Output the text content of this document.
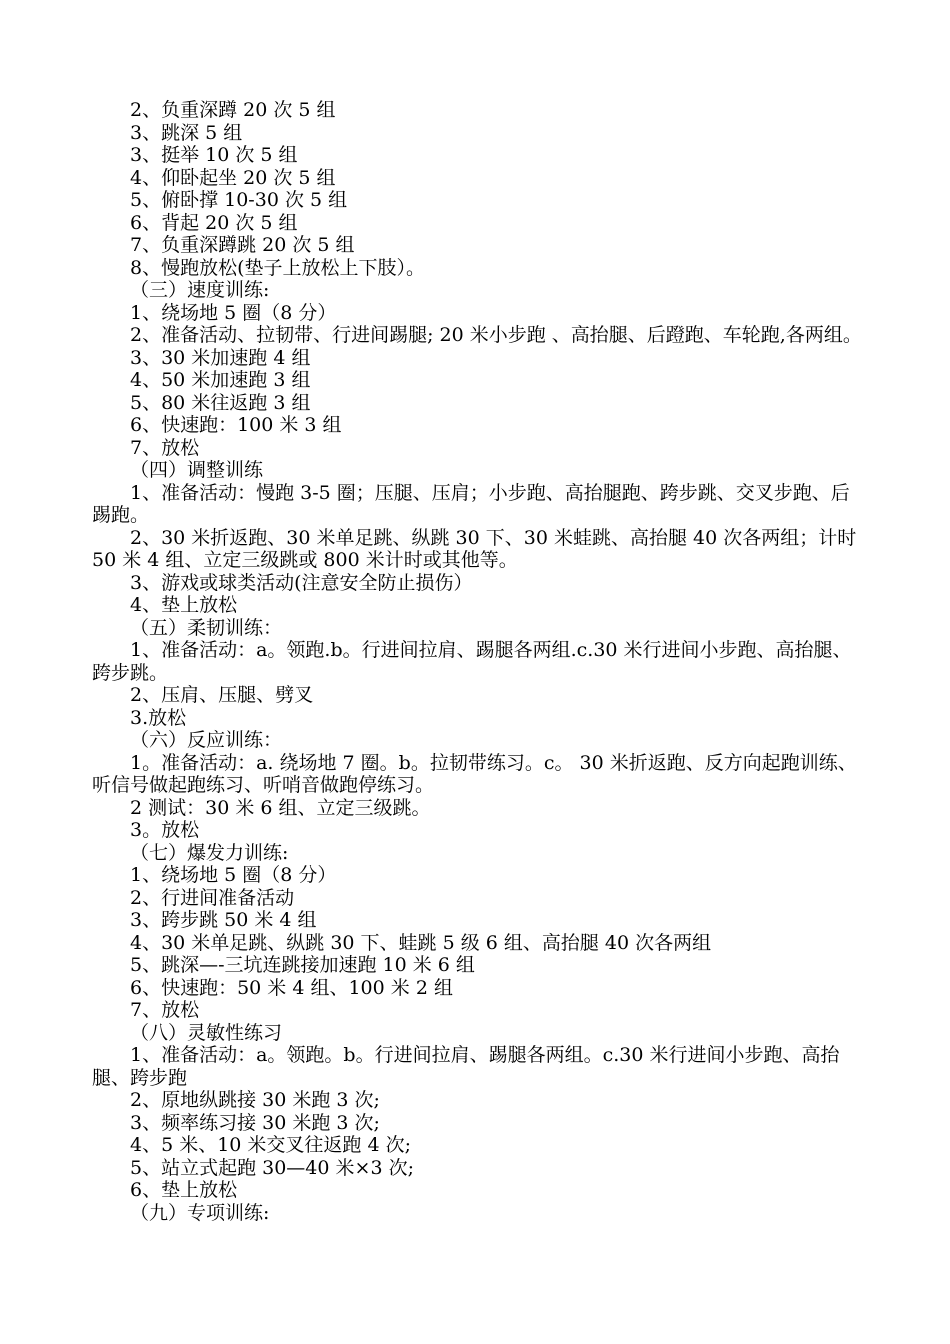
2、负重深蹲 20 次 5 组

3、跳深 5 组

3、挺举 10 次 5 组

4、仰卧起坐 20 次 5 组

5、俯卧撑 10-30 次 5 组

6、背起 20 次 5 组

7、负重深蹲跳 20 次 5 组

8、慢跑放松(垫子上放松上下肢）。

（三）速度训练:

1、绕场地 5 圈（8 分）

2、准备活动、拉韧带、行进间踢腿; 20 米小步跑 、高抬腿、后蹬跑、车轮跑,各两组。

3、30 米加速跑 4 组

4、50 米加速跑 3 组

5、80 米往返跑 3 组

6、快速跑：100 米 3 组

7、放松

（四）调整训练

1、准备活动：慢跑 3-5 圈；压腿、压肩；小步跑、高抬腿跑、跨步跳、交叉步跑、后踢跑。

2、30 米折返跑、30 米单足跳、纵跳 30 下、30 米蛙跳、高抬腿 40 次各两组；计时 50 米 4 组、立定三级跳或 800 米计时或其他等。

3、游戏或球类活动(注意安全防止损伤）

4、垫上放松

（五）柔韧训练：

1、准备活动：a。领跑.b。行进间拉肩、踢腿各两组.c.30 米行进间小步跑、高抬腿、跨步跳。

2、压肩、压腿、劈叉

3.放松

（六）反应训练：

1。准备活动：a. 绕场地 7 圈。b。拉韧带练习。c。 30 米折返跑、反方向起跑训练、听信号做起跑练习、听哨音做跑停练习。

2 测试：30 米 6 组、立定三级跳。

3。放松

（七）爆发力训练:

1、绕场地 5 圈（8 分）

2、行进间准备活动

3、跨步跳 50 米 4 组

4、30 米单足跳、纵跳 30 下、蛙跳 5 级 6 组、高抬腿 40 次各两组

5、跳深—-三坑连跳接加速跑 10 米 6 组

6、快速跑：50 米 4 组、100 米 2 组

7、放松

（八）灵敏性练习

1、准备活动：a。领跑。b。行进间拉肩、踢腿各两组。c.30 米行进间小步跑、高抬腿、跨步跑

2、原地纵跳接 30 米跑 3 次;

3、频率练习接 30 米跑 3 次;

4、5 米、10 米交叉往返跑 4 次;

5、站立式起跑 30—40 米×3 次;

6、垫上放松

（九）专项训练:
